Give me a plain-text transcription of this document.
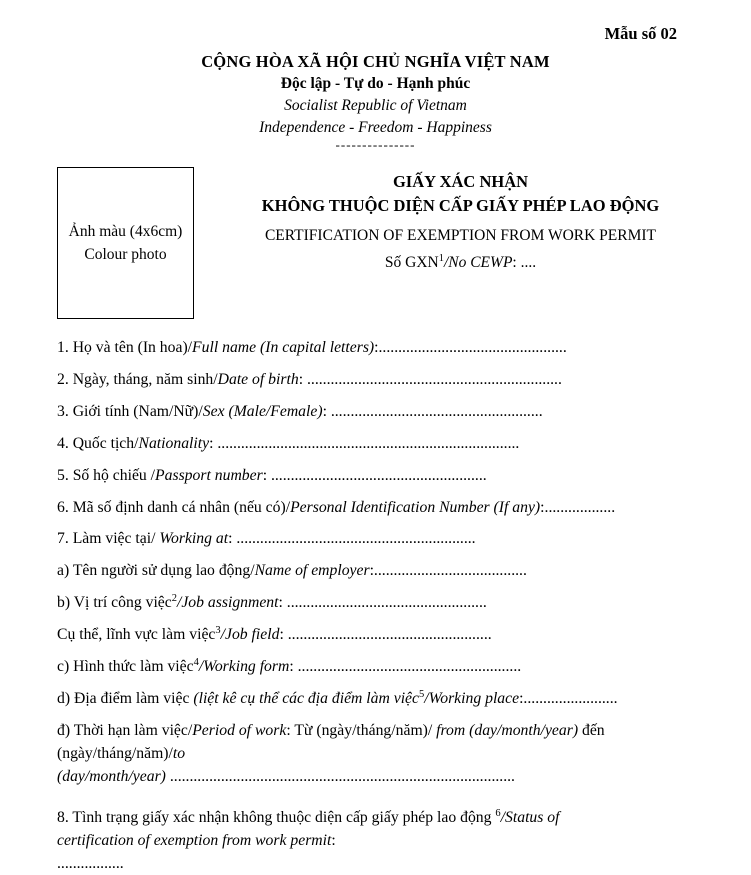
Mẫu số 02
CỘNG HÒA XÃ HỘI CHỦ NGHĨA VIỆT NAM
Độc lập - Tự do - Hạnh phúc
Socialist Republic of Vietnam
Independence - Freedom - Happiness
---------------
Ảnh màu (4x6cm)
Colour photo
GIẤY XÁC NHẬN
KHÔNG THUỘC DIỆN CẤP GIẤY PHÉP LAO ĐỘNG
CERTIFICATION OF EXEMPTION FROM WORK PERMIT
Số GXN$^1$/No CEWP: ....
1. Họ và tên (In hoa)/Full name (In capital letters):................................................
2. Ngày, tháng, năm sinh/Date of birth: .................................................................
3. Giới tính (Nam/Nữ)/Sex (Male/Female): ......................................................
4. Quốc tịch/Nationality: .............................................................................
5. Số hộ chiếu /Passport number: .......................................................
6. Mã số định danh cá nhân (nếu có)/Personal Identification Number (If any):..................
7. Làm việc tại/ Working at: .............................................................
a) Tên người sử dụng lao động/Name of employer:.......................................
b) Vị trí công việc$^2$/Job assignment: ...................................................
Cụ thể, lĩnh vực làm việc$^3$/Job field: ....................................................
c) Hình thức làm việc$^4$/Working form: .........................................................
d) Địa điểm làm việc (liệt kê cụ thể các địa điểm làm việc$^5$/Working place:........................
đ) Thời hạn làm việc/Period of work: Từ (ngày/tháng/năm)/ from (day/month/year) đến
(ngày/tháng/năm)/to
(day/month/year) ........................................................................................
8. Tình trạng giấy xác nhận không thuộc diện cấp giấy phép lao động $^6$/Status of
certification of exemption from work permit:
.................
